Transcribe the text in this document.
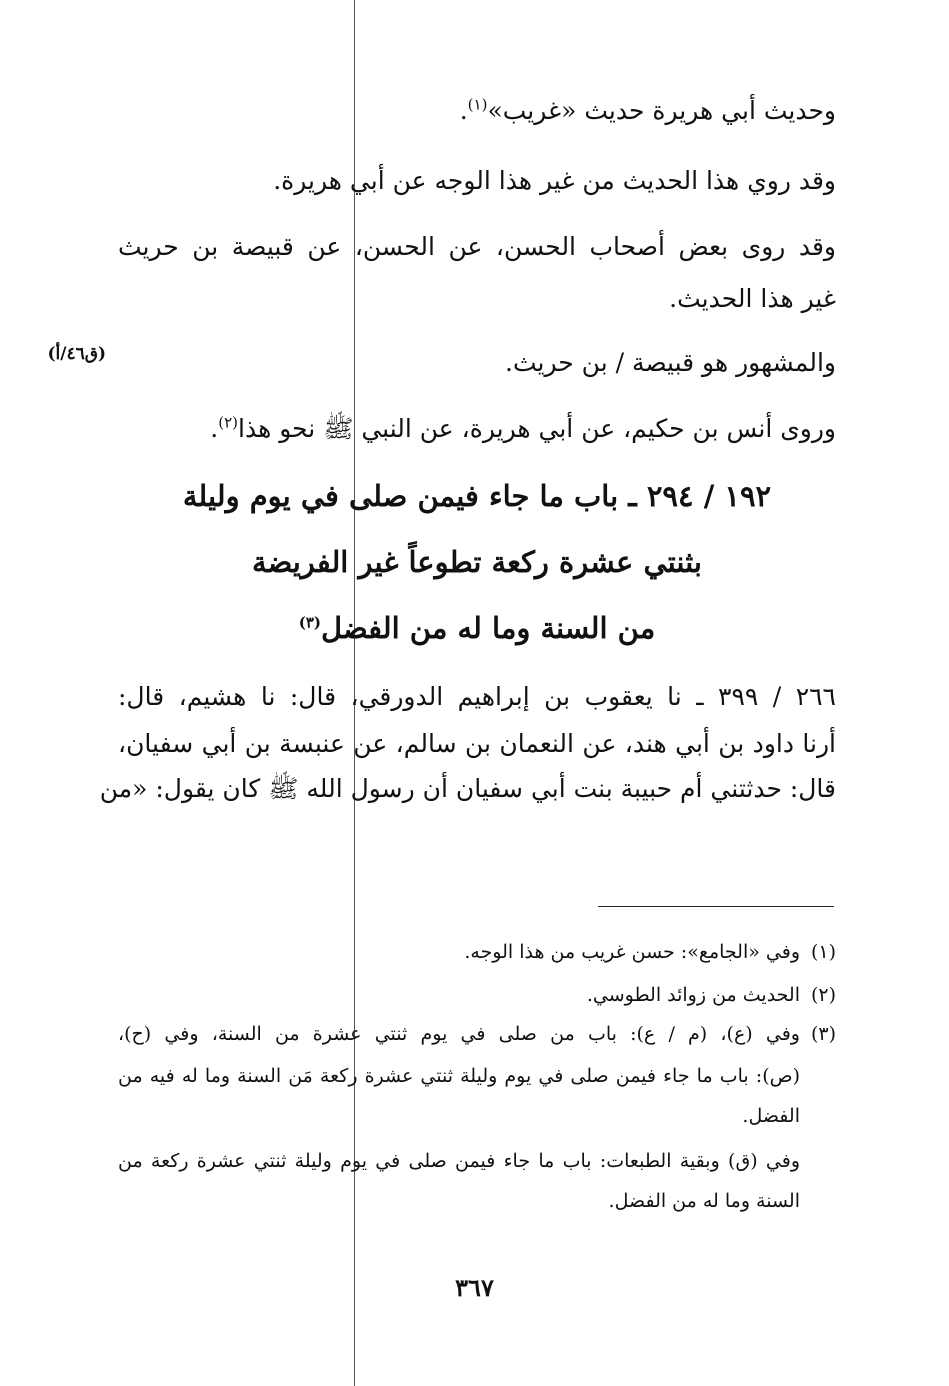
وحديث أبي هريرة حديث «غريب»$^{(١)}$.
وقد روي هذا الحديث من غير هذا الوجه عن أبي هريرة.
وقد روى بعض أصحاب الحسن، عن الحسن، عن قبيصة بن حريث
غير هذا الحديث.
والمشهور هو قبيصة / بن حريث.
(ق٤٦/أ)
وروى أنس بن حكيم، عن أبي هريرة، عن النبي ﷺ نحو هذا$^{(٢)}$.
١٩٢ / ٢٩٤ ـ باب ما جاء فيمن صلى في يوم وليلة
بثنتي عشرة ركعة تطوعاً غير الفريضة
من السنة وما له من الفضل$^{(٣)}$
٢٦٦ / ٣٩٩ ـ نا يعقوب بن إبراهيم الدورقي، قال: نا هشيم، قال:
أرنا داود بن أبي هند، عن النعمان بن سالم، عن عنبسة بن أبي سفيان،
قال: حدثتني أم حبيبة بنت أبي سفيان أن رسول الله ﷺ كان يقول: «من
(١)وفي «الجامع»: حسن غريب من هذا الوجه.
(٢)الحديث من زوائد الطوسي.
(٣)وفي (ع)، (م / ع): باب من صلى في يوم ثنتي عشرة من السنة، وفي (ح)،
(ص): باب ما جاء فيمن صلى في يوم وليلة ثنتي عشرة ركعة مَن السنة وما له فيه من
الفضل.
وفي (ق) وبقية الطبعات: باب ما جاء فيمن صلى في يوم وليلة ثنتي عشرة ركعة من
السنة وما له من الفضل.
٣٦٧
